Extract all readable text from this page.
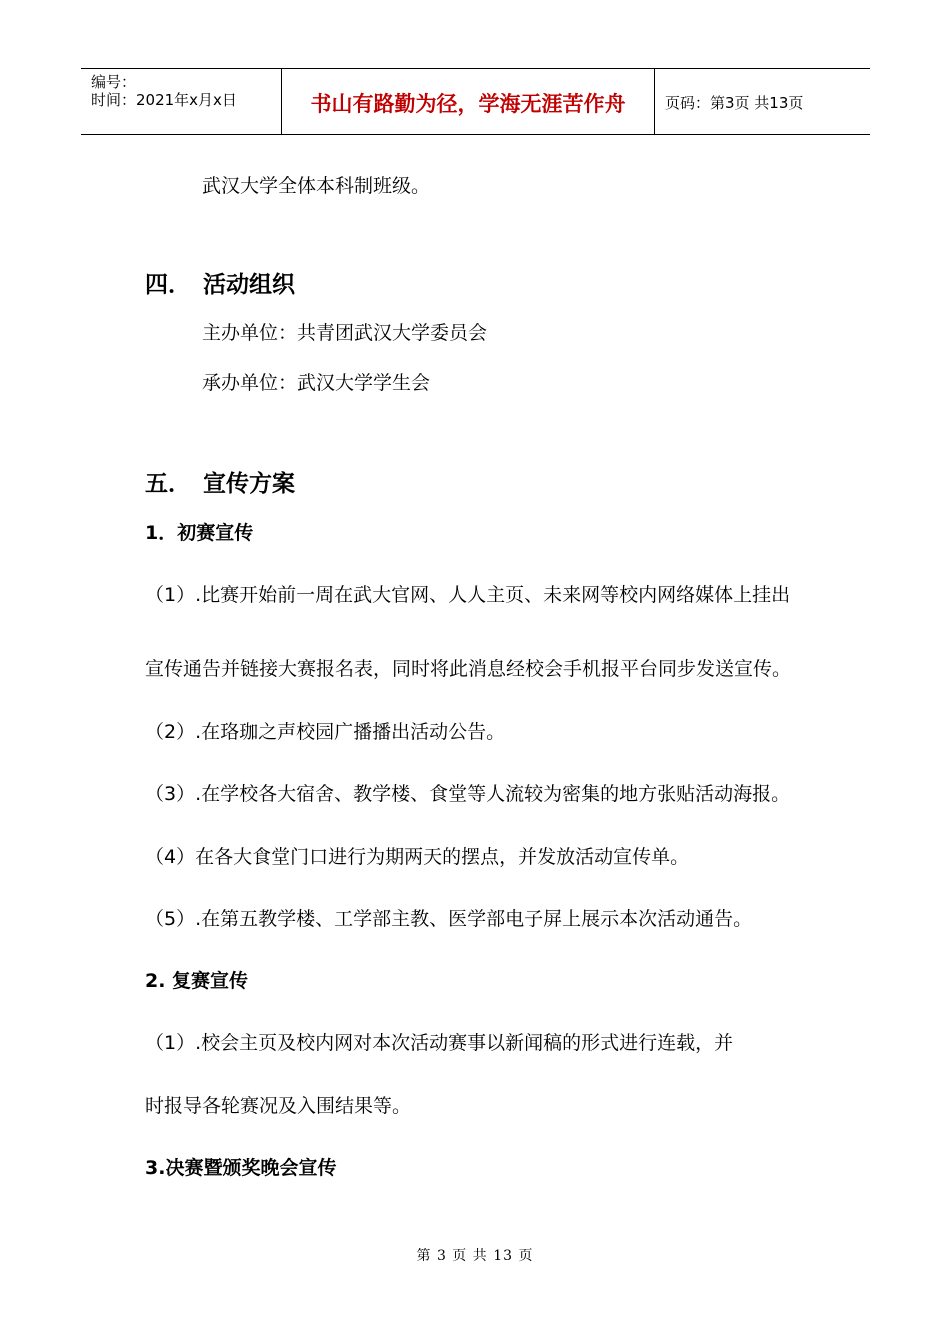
编号：
时间：2021年x月x日	书山有路勤为径，学海无涯苦作舟	页码：第3页 共13页
武汉大学全体本科制班级。
四． 活动组织
主办单位：共青团武汉大学委员会
承办单位：武汉大学学生会
五． 宣传方案
1．初赛宣传
（1）.比赛开始前一周在武大官网、人人主页、未来网等校内网络媒体上挂出
宣传通告并链接大赛报名表，同时将此消息经校会手机报平台同步发送宣传。
（2）.在珞珈之声校园广播播出活动公告。
（3）.在学校各大宿舍、教学楼、食堂等人流较为密集的地方张贴活动海报。
（4）在各大食堂门口进行为期两天的摆点，并发放活动宣传单。
（5）.在第五教学楼、工学部主教、医学部电子屏上展示本次活动通告。
2. 复赛宣传
（1）.校会主页及校内网对本次活动赛事以新闻稿的形式进行连载，并
时报导各轮赛况及入围结果等。
3.决赛暨颁奖晚会宣传
第 3 页 共 13 页
